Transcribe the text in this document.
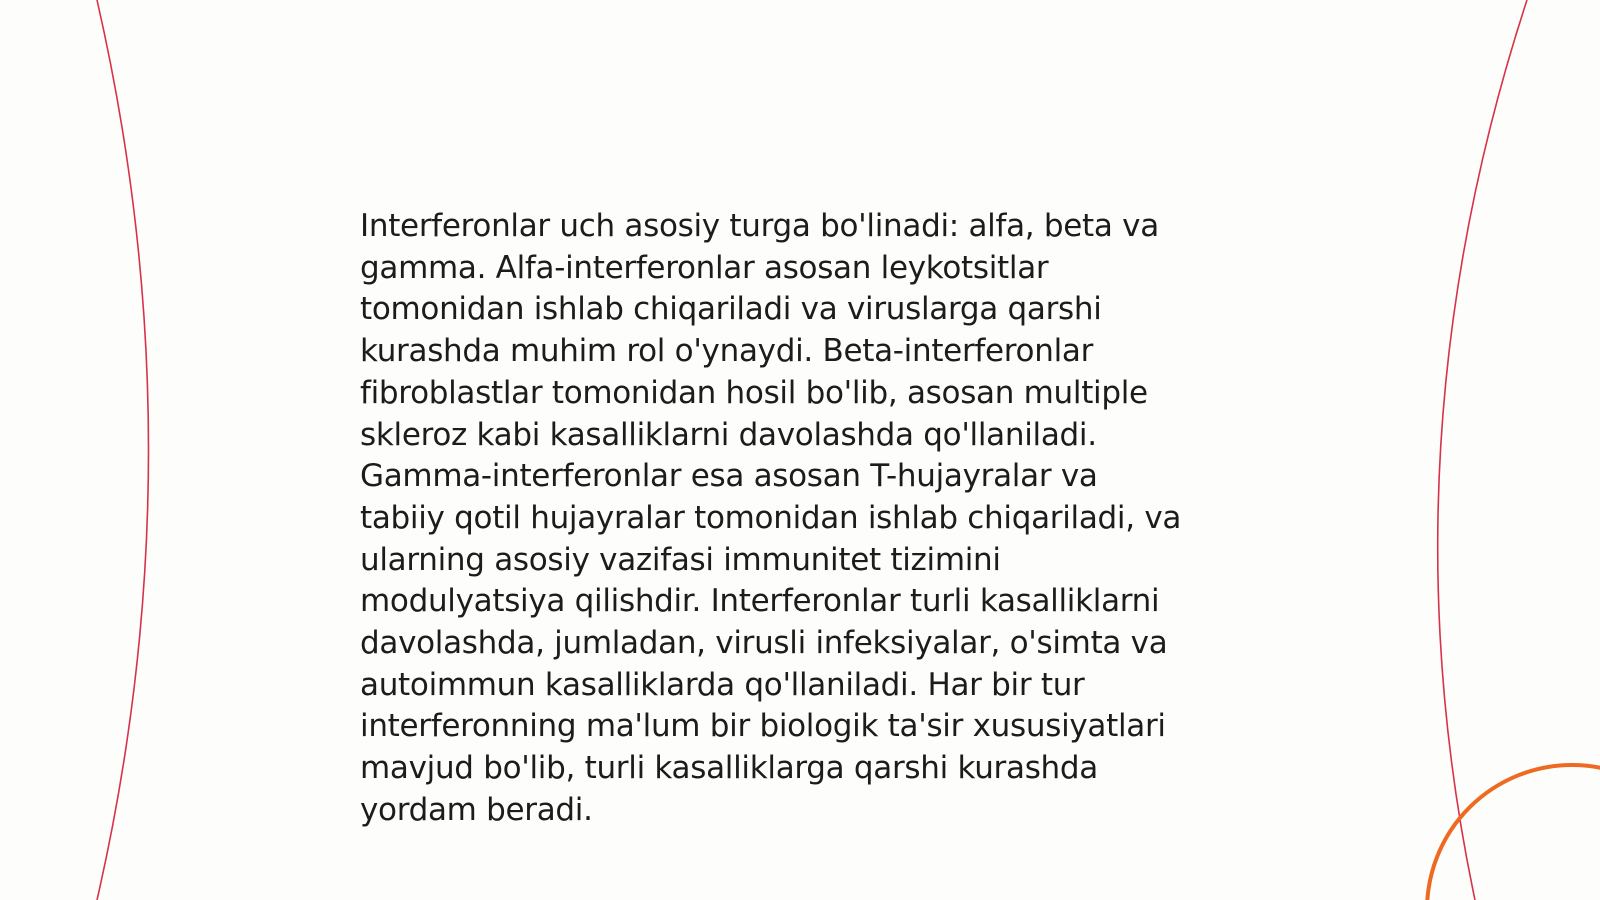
Interferonlar uch asosiy turga bo'linadi: alfa, beta va
gamma. Alfa-interferonlar asosan leykotsitlar
tomonidan ishlab chiqariladi va viruslarga qarshi
kurashda muhim rol o'ynaydi. Beta-interferonlar
fibroblastlar tomonidan hosil bo'lib, asosan multiple
skleroz kabi kasalliklarni davolashda qo'llaniladi.
Gamma-interferonlar esa asosan T-hujayralar va
tabiiy qotil hujayralar tomonidan ishlab chiqariladi, va
ularning asosiy vazifasi immunitet tizimini
modulyatsiya qilishdir. Interferonlar turli kasalliklarni
davolashda, jumladan, virusli infeksiyalar, o'simta va
autoimmun kasalliklarda qo'llaniladi. Har bir tur
interferonning ma'lum bir biologik ta'sir xususiyatlari
mavjud bo'lib, turli kasalliklarga qarshi kurashda
yordam beradi.
